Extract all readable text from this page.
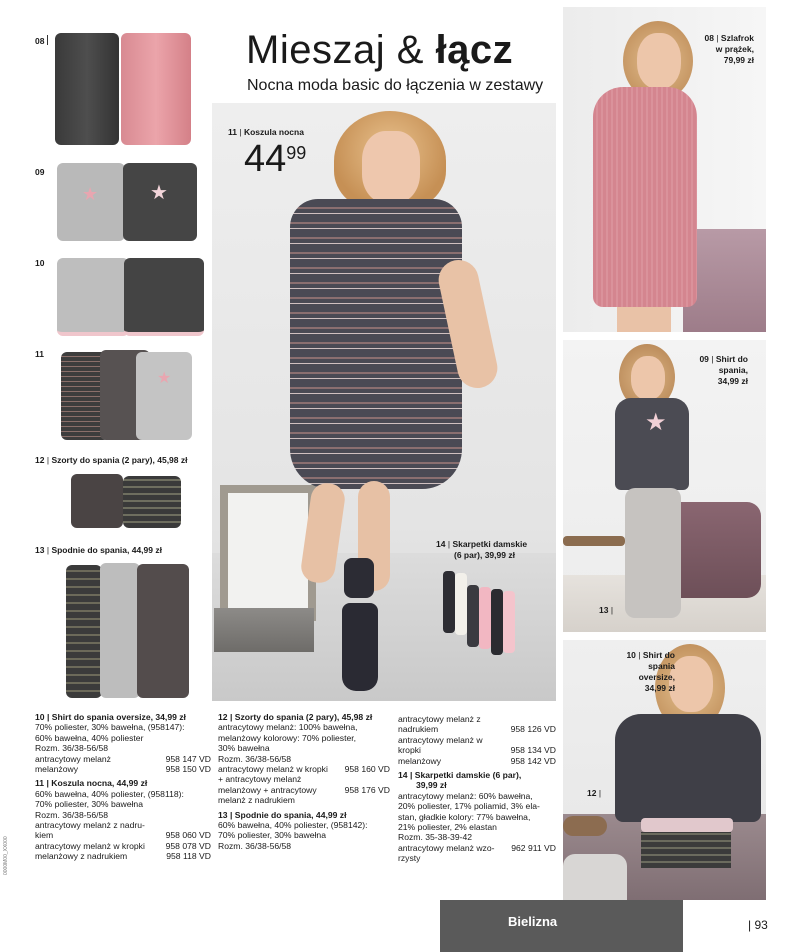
08
09
★	★
10
11
★
12 | Szorty do spania (2 pary), 45,98 zł
13 | Spodnie do spania, 44,99 zł
Mieszaj & łącz
Nocna moda basic do łączenia w zestawy
11 | Koszula nocna
4499
14 | Skarpetki damskie
(6 par), 39,99 zł
08 | Szlafrok
w prążek,
79,99 zł
★
09 | Shirt do
spania,
34,99 zł
13 |
10 | Shirt do
spania
oversize,
34,99 zł
12 |
10 | Shirt do spania oversize, 34,99 zł
70% poliester, 30% bawełna, (958147):
60% bawełna, 40% poliester
Rozm. 36/38-56/58
antracytowy melanż	958 147 VD
melanżowy	958 150 VD
11 | Koszula nocna, 44,99 zł
60% bawełna, 40% poliester, (958118):
70% poliester, 30% bawełna
Rozm. 36/38-56/58
antracytowy melanż z nadru-
kiem	958 060 VD
antracytowy melanż w kropki 958 078 VD
melanżowy z nadrukiem	958 118 VD
12 | Szorty do spania (2 pary), 45,98 zł
antracytowy melanż: 100% bawełna,
melanżowy kolorowy: 70% poliester,
30% bawełna
Rozm. 36/38-56/58
antracytowy melanż w kropki 958 160 VD
+ antracytowy melanż
melanżowy + antracytowy	958 176 VD
melanż z nadrukiem
13 | Spodnie do spania, 44,99 zł
60% bawełna, 40% poliester, (958142):
70% poliester, 30% bawełna
Rozm. 36/38-56/58
antracytowy melanż z
nadrukiem	958 126 VD
antracytowy melanż w
kropki	958 134 VD
melanżowy	958 142 VD
14 | Skarpetki damskie (6 par),
39,99 zł
antracytowy melanż: 60% bawełna,
20% poliester, 17% poliamid, 3% ela-
stan, gładkie kolory: 77% bawełna,
21% poliester, 2% elastan
Rozm. 35-38-39-42
antracytowy melanż wzo- 962 911 VD
rzysty
Bielizna	| 93
0000M00_XX000
